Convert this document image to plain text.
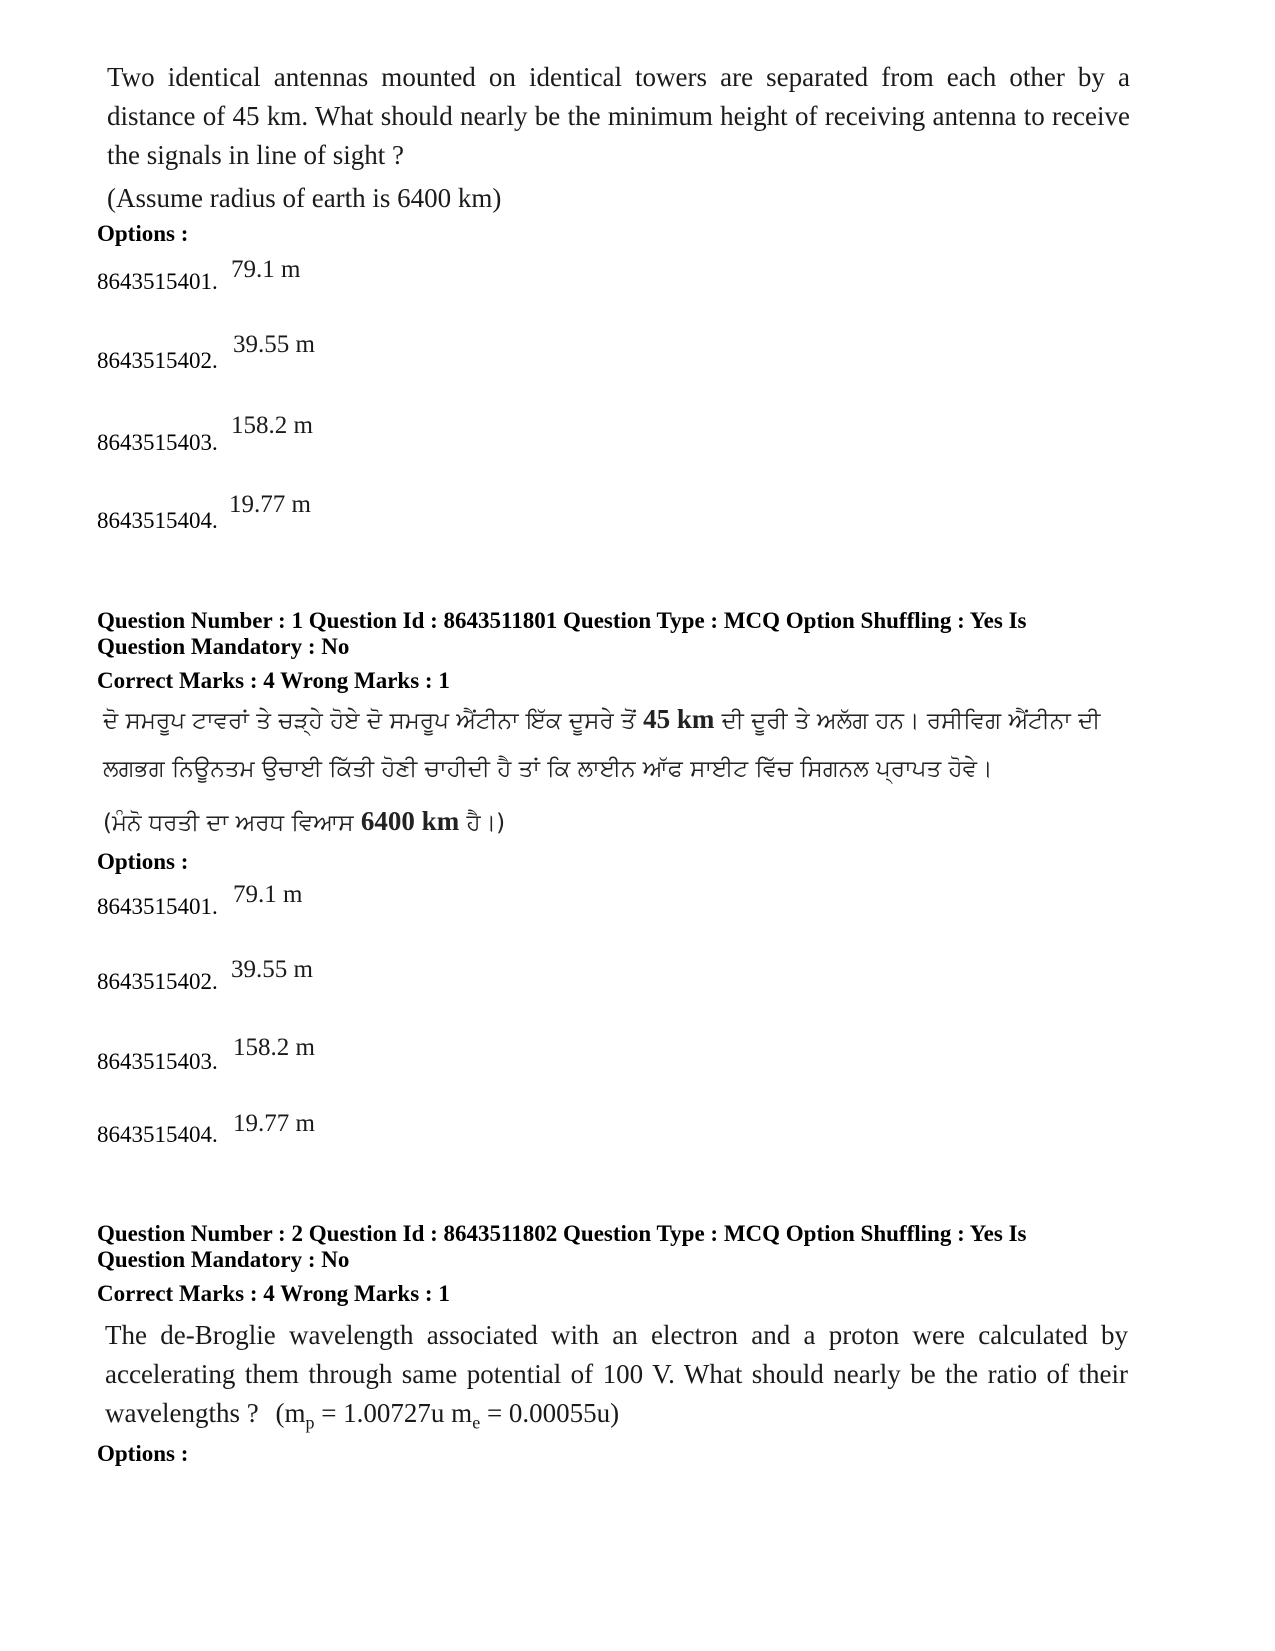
Two identical antennas mounted on identical towers are separated from each other by a distance of 45 km. What should nearly be the minimum height of receiving antenna to receive the signals in line of sight ?

(Assume radius of earth is 6400 km)

Options :
8643515401. 79.1 m
8643515402.
39.55 m
8643515403.
158.2 m
8643515404.
19.77 m
Question Number : 1 Question Id : 8643511801 Question Type : MCQ Option Shuffling : Yes Is
Question Mandatory : No
Correct Marks : 4 Wrong Marks : 1

ਦੋ ਸਮਰੂਪ ਟਾਵਰਾਂ ਤੇ ਚੜ੍ਹੇ ਹੋਏ ਦੋ ਸਮਰੂਪ ਐਂਟੀਨਾ ਇੱਕ ਦੂਸਰੇ ਤੋਂ 45 km ਦੀ ਦੂਰੀ ਤੇ ਅਲੱਗ ਹਨ। ਰਸੀਵਿਗ ਐਂਟੀਨਾ ਦੀ

ਲਗਭਗ ਨਿਊਨਤਮ ਉਚਾਈ ਕਿੱਤੀ ਹੋਣੀ ਚਾਹੀਦੀ ਹੈ ਤਾਂ ਕਿ ਲਾਈਨ ਆੱਫ ਸਾਈਟ ਵਿੱਚ ਸਿਗਨਲ ਪ੍ਰਾਪਤ ਹੋਵੇ।

(ਮੰਨੋ ਧਰਤੀ ਦਾ ਅਰਧ ਵਿਆਸ 6400 km ਹੈ।)

Options :
8643515401. 79.1 m
8643515402. 39.55 m
8643515403.
158.2 m
8643515404. 19.77 m
Question Number : 2 Question Id : 8643511802 Question Type : MCQ Option Shuffling : Yes Is
Question Mandatory : No
Correct Marks : 4 Wrong Marks : 1
The de-Broglie wavelength associated with an electron and a proton were calculated by accelerating them through same potential of 100 V. What should nearly be the ratio of their wavelengths ? ($m_p = 1.00727u$ $m_e = 0.00055u$)
Options :
